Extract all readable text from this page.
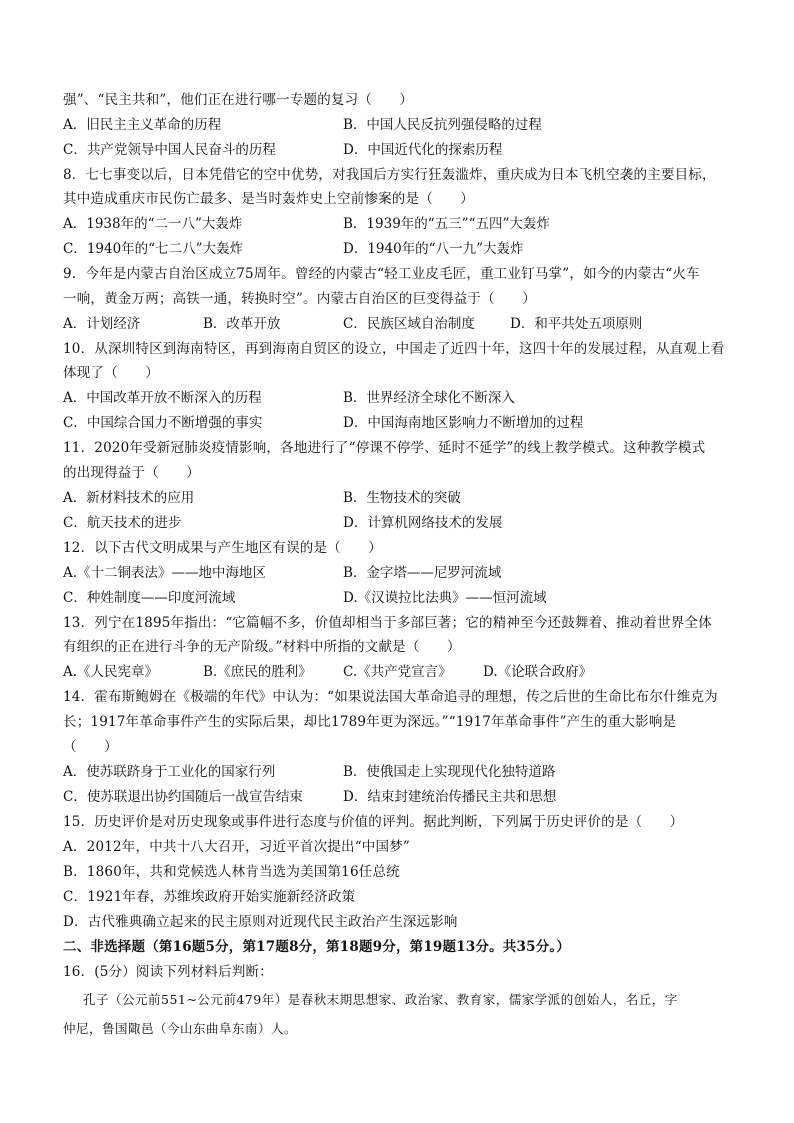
强”、“民主共和”，他们正在进行哪一专题的复习（　　）
A．旧民主主义革命的历程	B．中国人民反抗列强侵略的过程
C．共产党领导中国人民奋斗的历程	D．中国近代化的探索历程
8．七七事变以后，日本凭借它的空中优势，对我国后方实行狂轰滥炸，重庆成为日本飞机空袭的主要目标，
其中造成重庆市民伤亡最多、是当时轰炸史上空前惨案的是（　　）
A．1938年的“二一八”大轰炸	B．1939年的“五三”“五四”大轰炸
C．1940年的“七二八”大轰炸	D．1940年的“八一九”大轰炸
9．今年是内蒙古自治区成立75周年。曾经的内蒙古“轻工业皮毛匠，重工业钉马掌”，如今的内蒙古“火车
一响，黄金万两；高铁一通，转换时空”。内蒙古自治区的巨变得益于（　　）
A．计划经济	B．改革开放	C．民族区域自治制度	D．和平共处五项原则
10．从深圳特区到海南特区，再到海南自贸区的设立，中国走了近四十年，这四十年的发展过程，从直观上看
体现了（　　）
A．中国改革开放不断深入的历程	B．世界经济全球化不断深入
C．中国综合国力不断增强的事实	D．中国海南地区影响力不断增加的过程
11．2020年受新冠肺炎疫情影响，各地进行了“停课不停学、延时不延学”的线上教学模式。这种教学模式
的出现得益于（　　）
A．新材料技术的应用	B．生物技术的突破
C．航天技术的进步	D．计算机网络技术的发展
12．以下古代文明成果与产生地区有误的是（　　）
A.《十二铜表法》——地中海地区	B．金字塔——尼罗河流域
C．种姓制度——印度河流域	D.《汉谟拉比法典》——恒河流域
13．列宁在1895年指出：“它篇幅不多，价值却相当于多部巨著；它的精神至今还鼓舞着、推动着世界全体
有组织的正在进行斗争的无产阶级。”材料中所指的文献是（　　）
A.《人民宪章》	B.《庶民的胜利》 C.《共产党宣言》 D.《论联合政府》
14．霍布斯鲍姆在《极端的年代》中认为：“如果说法国大革命追寻的理想，传之后世的生命比布尔什维克为
长；1917年革命事件产生的实际后果，却比1789年更为深远。”“1917年革命事件”产生的重大影响是
（　　）
A．使苏联跻身于工业化的国家行列	B．使俄国走上实现现代化独特道路
C．使苏联退出协约国随后一战宣告结束	D．结束封建统治传播民主共和思想
15．历史评价是对历史现象或事件进行态度与价值的评判。据此判断，下列属于历史评价的是（　　）
A．2012年，中共十八大召开，习近平首次提出“中国梦”
B．1860年，共和党候选人林肯当选为美国第16任总统
C．1921年春，苏维埃政府开始实施新经济政策
D．古代雅典确立起来的民主原则对近现代民主政治产生深远影响
二、非选择题（第16题5分，第17题8分，第18题9分，第19题13分。共35分。）
16．(5分）阅读下列材料后判断：
孔子（公元前551~公元前479年）是春秋末期思想家、政治家、教育家，儒家学派的创始人，名丘，字
仲尼，鲁国陬邑（今山东曲阜东南）人。
